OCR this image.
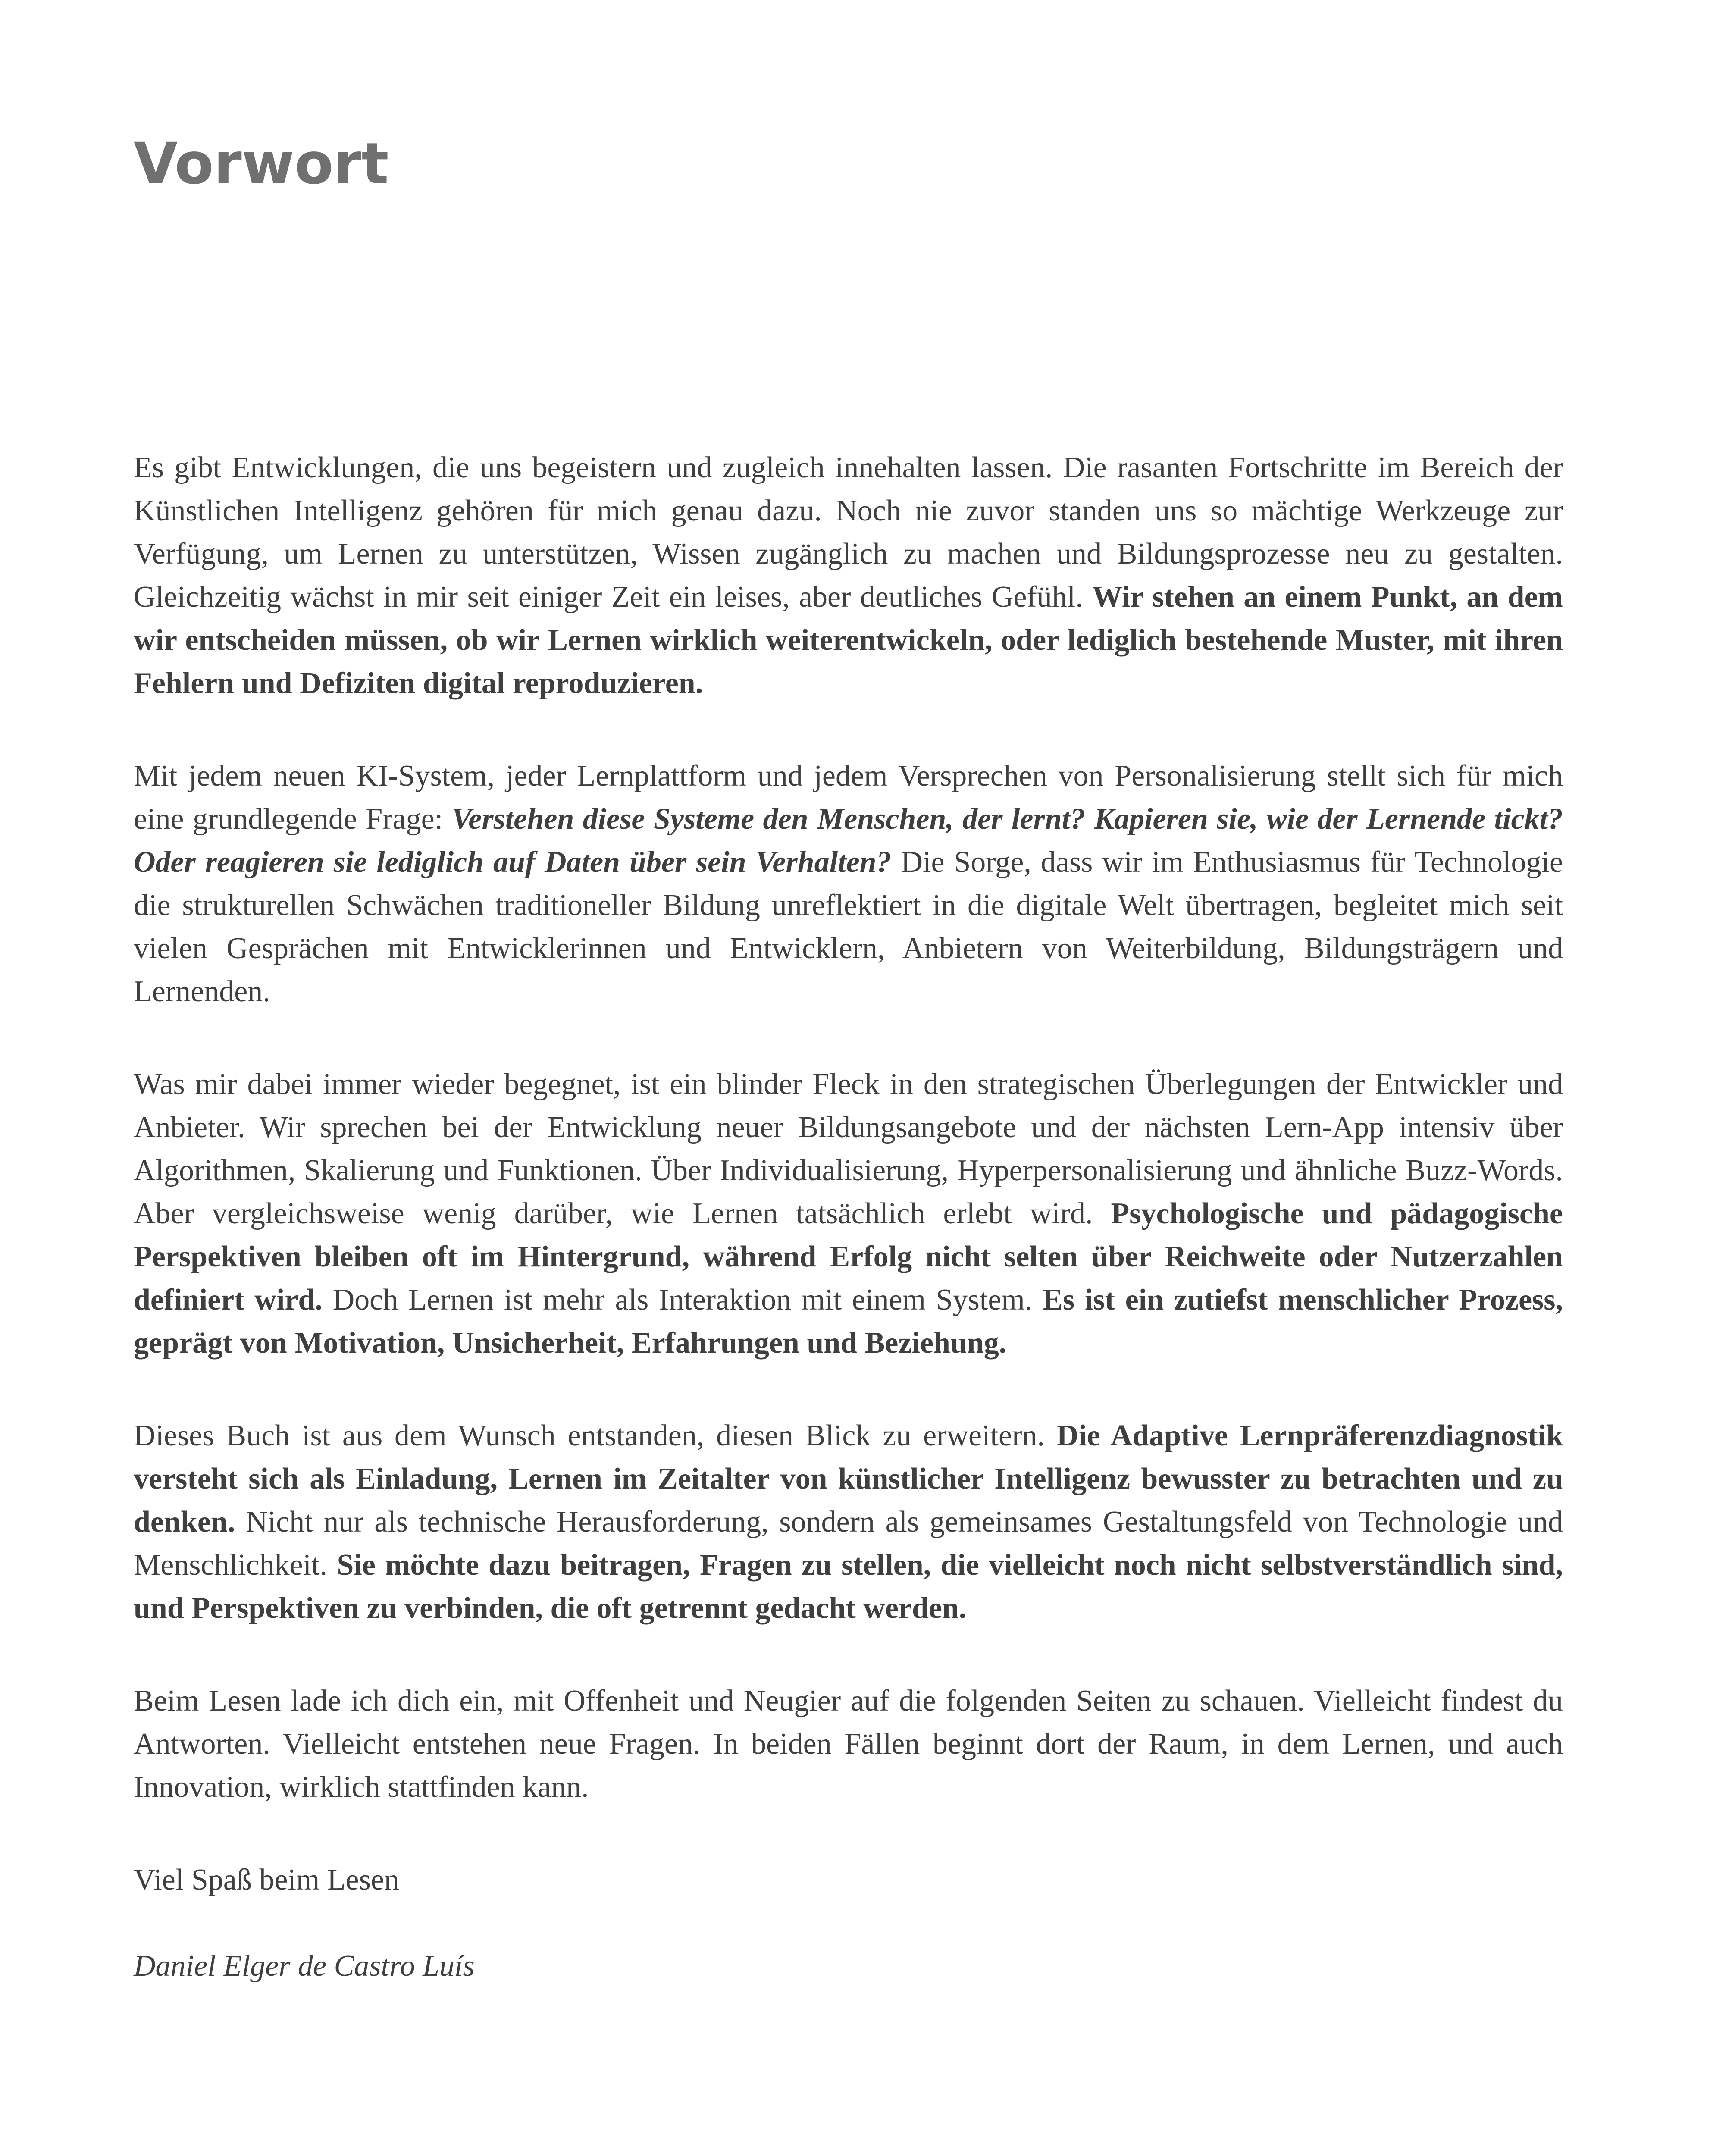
Vorwort

Es gibt Entwicklungen, die uns begeistern und zugleich innehalten lassen. Die rasanten Fortschritte im Bereich der Künstlichen Intelligenz gehören für mich genau dazu. Noch nie zuvor standen uns so mächtige Werkzeuge zur Verfügung, um Lernen zu unterstützen, Wissen zugänglich zu machen und Bildungsprozesse neu zu gestalten. Gleichzeitig wächst in mir seit einiger Zeit ein leises, aber deutliches Gefühl. Wir stehen an einem Punkt, an dem wir entscheiden müssen, ob wir Lernen wirklich weiterentwickeln, oder lediglich bestehende Muster, mit ihren Fehlern und Defiziten digital reproduzieren.

Mit jedem neuen KI-System, jeder Lernplattform und jedem Versprechen von Personalisierung stellt sich für mich eine grundlegende Frage: Verstehen diese Systeme den Menschen, der lernt? Kapieren sie, wie der Lernende tickt? Oder reagieren sie lediglich auf Daten über sein Verhalten? Die Sorge, dass wir im Enthusiasmus für Technologie die strukturellen Schwächen traditioneller Bildung unreflektiert in die digitale Welt übertragen, begleitet mich seit vielen Gesprächen mit Entwicklerinnen und Entwicklern, Anbietern von Weiterbildung, Bildungsträgern und Lernenden.

Was mir dabei immer wieder begegnet, ist ein blinder Fleck in den strategischen Überlegungen der Entwickler und Anbieter. Wir sprechen bei der Entwicklung neuer Bildungsangebote und der nächsten Lern-App intensiv über Algorithmen, Skalierung und Funktionen. Über Individualisierung, Hyperpersonalisierung und ähnliche Buzz-Words. Aber vergleichsweise wenig darüber, wie Lernen tatsächlich erlebt wird. Psychologische und pädagogische Perspektiven bleiben oft im Hintergrund, während Erfolg nicht selten über Reichweite oder Nutzerzahlen definiert wird. Doch Lernen ist mehr als Interaktion mit einem System. Es ist ein zutiefst menschlicher Prozess, geprägt von Motivation, Unsicherheit, Erfahrungen und Beziehung.

Dieses Buch ist aus dem Wunsch entstanden, diesen Blick zu erweitern. Die Adaptive Lernpräferenzdiagnostik versteht sich als Einladung, Lernen im Zeitalter von künstlicher Intelligenz bewusster zu betrachten und zu denken. Nicht nur als technische Herausforderung, sondern als gemeinsames Gestaltungsfeld von Technologie und Menschlichkeit. Sie möchte dazu beitragen, Fragen zu stellen, die vielleicht noch nicht selbstverständlich sind, und Perspektiven zu verbinden, die oft getrennt gedacht werden.

Beim Lesen lade ich dich ein, mit Offenheit und Neugier auf die folgenden Seiten zu schauen. Vielleicht findest du Antworten. Vielleicht entstehen neue Fragen. In beiden Fällen beginnt dort der Raum, in dem Lernen, und auch Innovation, wirklich stattfinden kann.

Viel Spaß beim Lesen

Daniel Elger de Castro Luís
